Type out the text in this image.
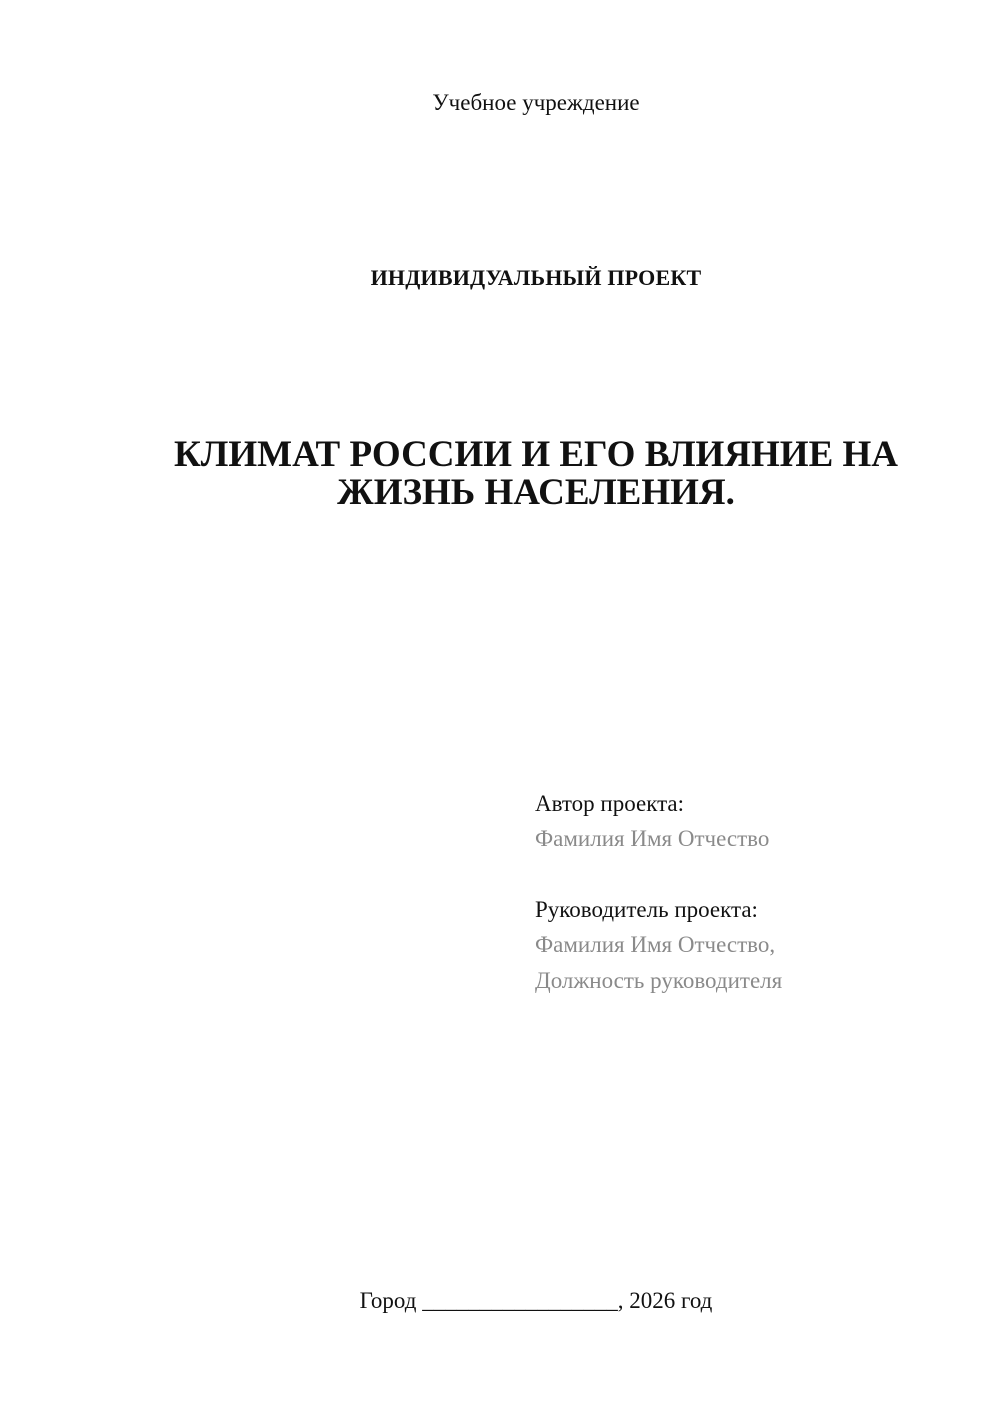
Учебное учреждение

ИНДИВИДУАЛЬНЫЙ ПРОЕКТ

КЛИМАТ РОССИИ И ЕГО ВЛИЯНИЕ НА
ЖИЗНЬ НАСЕЛЕНИЯ.
Автор проекта:
Фамилия Имя Отчество
Руководитель проекта:
Фамилия Имя Отчество,
Должность руководителя

Город _________________, 2026 год
